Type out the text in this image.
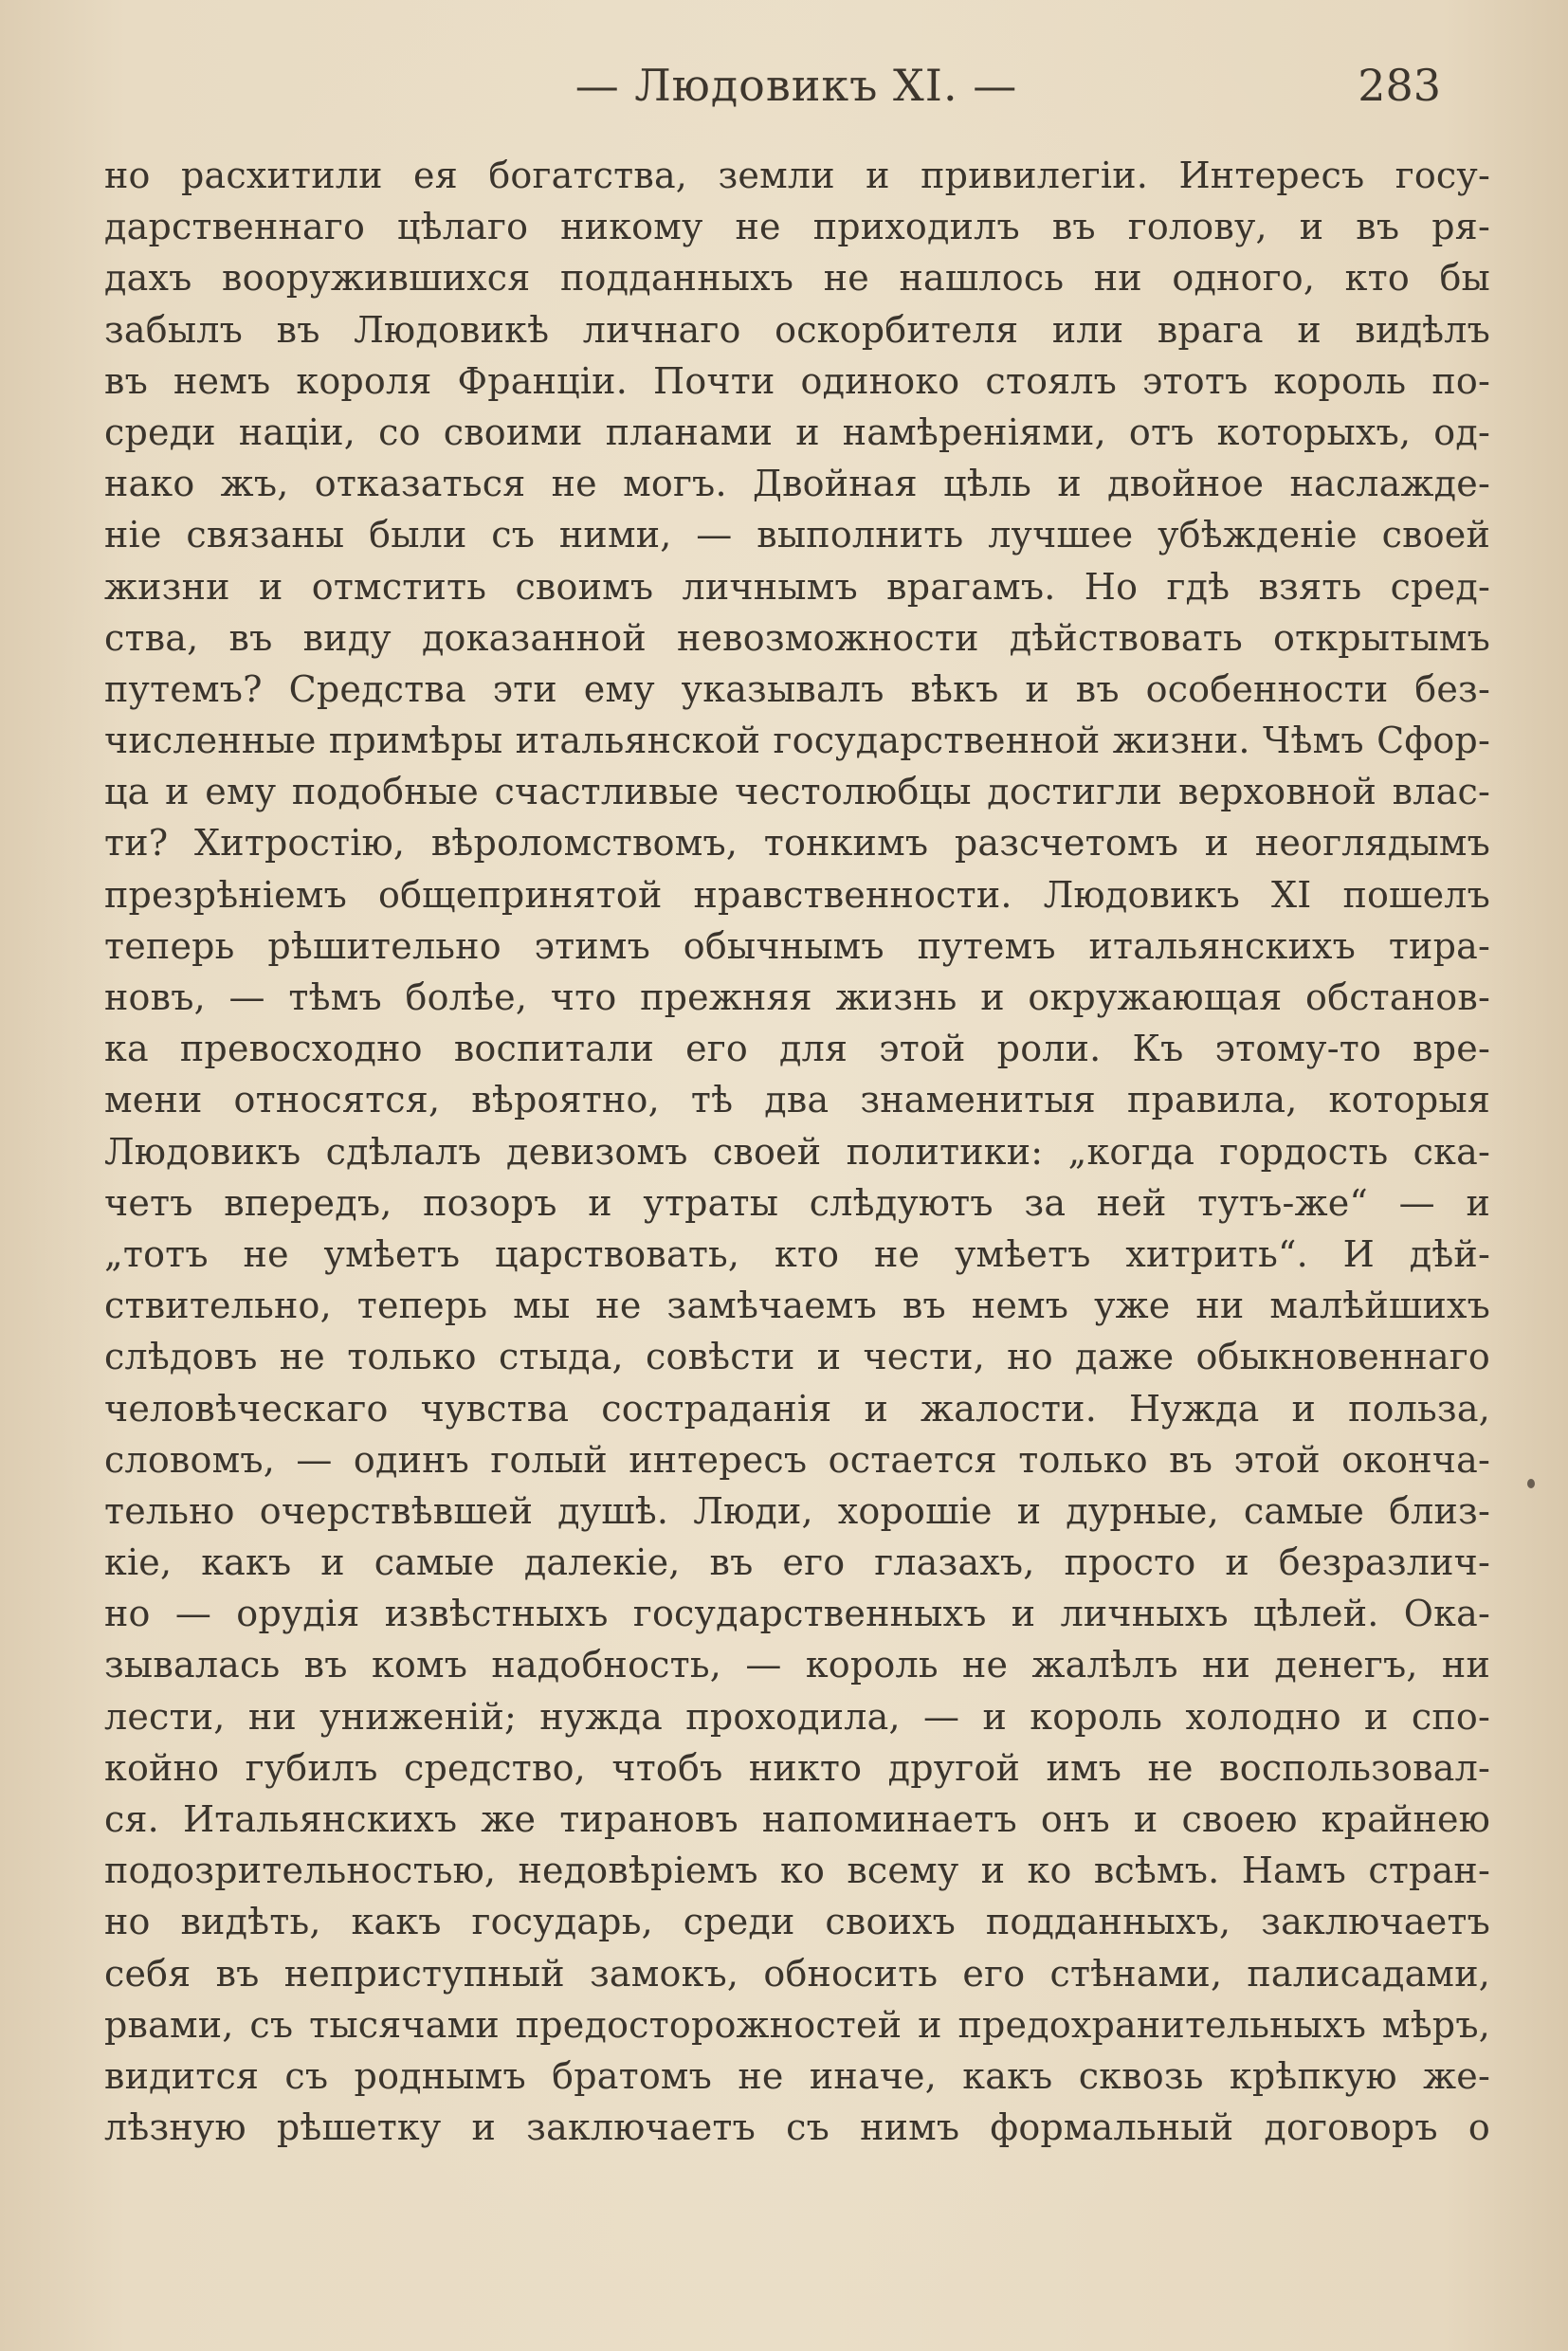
— Людовикъ XI. —	283
но расхитили ея богатства, земли и привилегіи. Интересъ госу-
дарственнаго цѣлаго никому не приходилъ въ голову, и въ ря-
дахъ вооружившихся подданныхъ не нашлось ни одного, кто бы
забылъ въ Людовикѣ личнаго оскорбителя или врага и видѣлъ
въ немъ короля Франціи. Почти одиноко стоялъ этотъ король по-
среди націи, со своими планами и намѣреніями, отъ которыхъ, од-
нако жъ, отказаться не могъ. Двойная цѣль и двойное наслажде-
ніе связаны были съ ними, — выполнить лучшее убѣжденіе своей
жизни и отмстить своимъ личнымъ врагамъ. Но гдѣ взять сред-
ства, въ виду доказанной невозможности дѣйствовать открытымъ
путемъ? Средства эти ему указывалъ вѣкъ и въ особенности без-
численные примѣры итальянской государственной жизни. Чѣмъ Сфор-
ца и ему подобные счастливые честолюбцы достигли верховной влас-
ти? Хитростію, вѣроломствомъ, тонкимъ разсчетомъ и неоглядымъ
презрѣніемъ общепринятой нравственности. Людовикъ XI пошелъ
теперь рѣшительно этимъ обычнымъ путемъ итальянскихъ тира-
новъ, — тѣмъ болѣе, что прежняя жизнь и окружающая обстанов-
ка превосходно воспитали его для этой роли. Къ этому-то вре-
мени относятся, вѣроятно, тѣ два знаменитыя правила, которыя
Людовикъ сдѣлалъ девизомъ своей политики: „когда гордость ска-
четъ впередъ, позоръ и утраты слѣдуютъ за ней тутъ-же“ — и
„тотъ не умѣетъ царствовать, кто не умѣетъ хитрить“. И дѣй-
ствительно, теперь мы не замѣчаемъ въ немъ уже ни малѣйшихъ
слѣдовъ не только стыда, совѣсти и чести, но даже обыкновеннаго
человѣческаго чувства состраданія и жалости. Нужда и польза,
словомъ, — одинъ голый интересъ остается только въ этой оконча-
тельно очерствѣвшей душѣ. Люди, хорошіе и дурные, самые близ-
кіе, какъ и самые далекіе, въ его глазахъ, просто и безразлич-
но — орудія извѣстныхъ государственныхъ и личныхъ цѣлей. Ока-
зывалась въ комъ надобность, — король не жалѣлъ ни денегъ, ни
лести, ни униженій; нужда проходила, — и король холодно и спо-
койно губилъ средство, чтобъ никто другой имъ не воспользовал-
ся. Итальянскихъ же тирановъ напоминаетъ онъ и своею крайнею
подозрительностью, недовѣріемъ ко всему и ко всѣмъ. Намъ стран-
но видѣть, какъ государь, среди своихъ подданныхъ, заключаетъ
себя въ неприступный замокъ, обносить его стѣнами, палисадами,
рвами, съ тысячами предосторожностей и предохранительныхъ мѣръ,
видится съ роднымъ братомъ не иначе, какъ сквозь крѣпкую же-
лѣзную рѣшетку и заключаетъ съ нимъ формальный договоръ о
